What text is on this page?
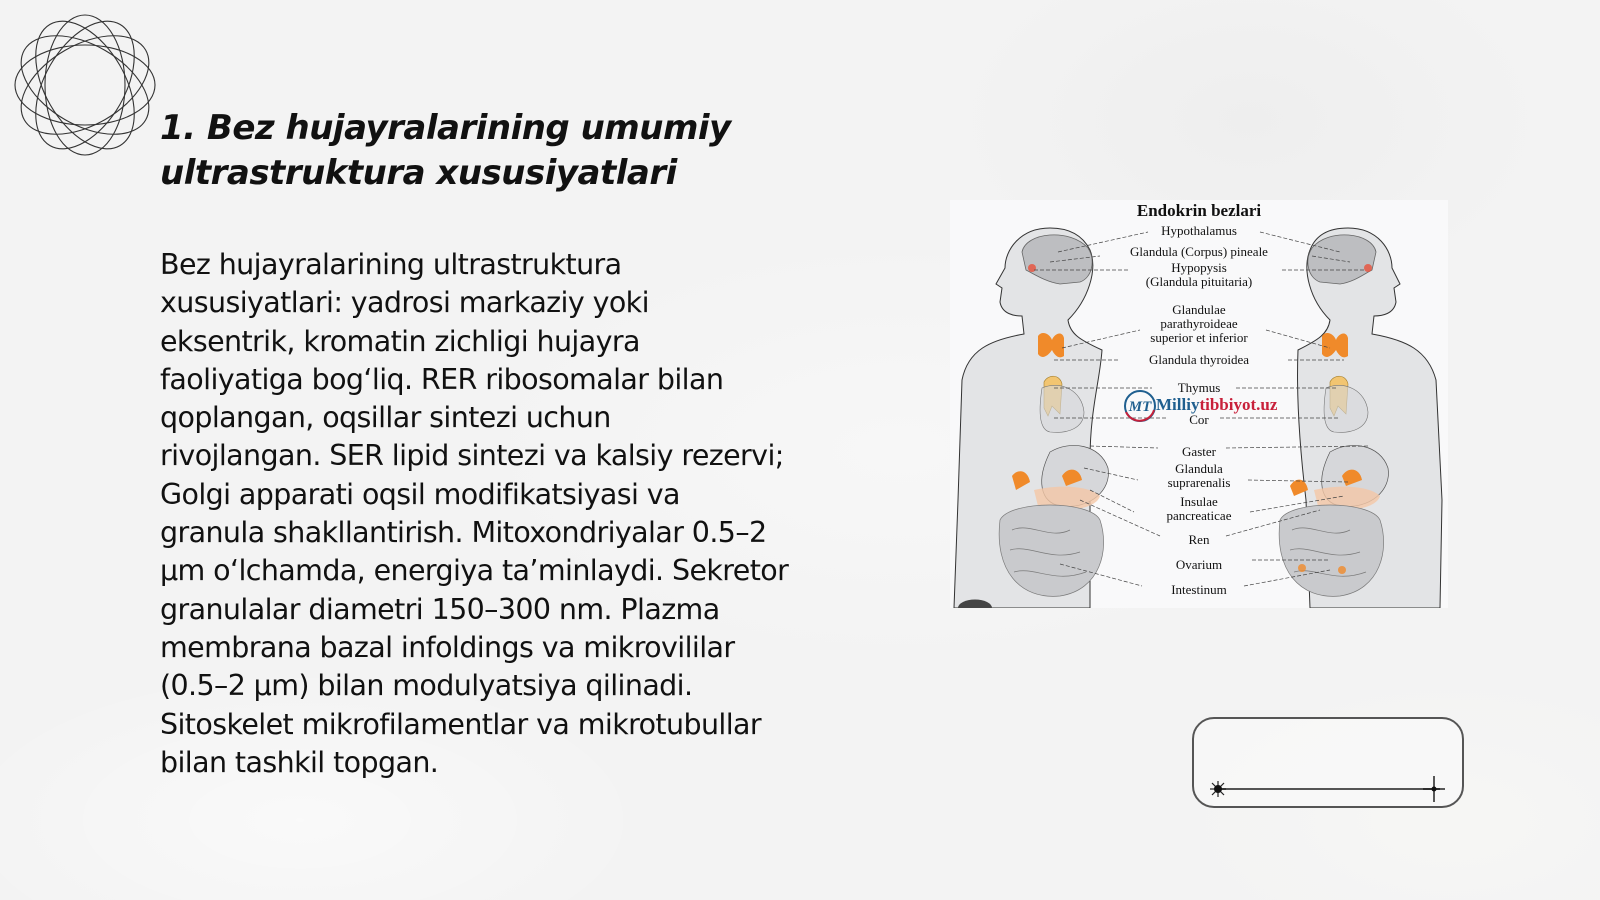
1. Bez hujayralarining umumiy
ultrastruktura xususiyatlari

Bez hujayralarining ultrastruktura
xususiyatlari: yadrosi markaziy yoki
eksentrik, kromatin zichligi hujayra
faoliyatiga bog‘liq. RER ribosomalar bilan
qoplangan, oqsillar sintezi uchun
rivojlangan. SER lipid sintezi va kalsiy rezervi;
Golgi apparati oqsil modifikatsiyasi va
granula shakllantirish. Mitoxondriyalar 0.5–2
μm o‘lchamda, energiya ta’minlaydi. Sekretor
granulalar diametri 150–300 nm. Plazma
membrana bazal infoldings va mikrovililar
(0.5–2 μm) bilan modulyatsiya qilinadi.
Sitoskelet mikrofilamentlar va mikrotubullar
bilan tashkil topgan.

Endokrin bezlari
Hypothalamus
Glandula (Corpus) pineale
Hypopysis
(Glandula pituitaria)
Glandulae
parathyroideae
superior et inferior
Glandula thyroidea
Thymus
Cor
Gaster
Glandula
suprarenalis
Insulae
pancreaticae
Ren
Ovarium
Intestinum
MT Milliytibbiyot.uz
